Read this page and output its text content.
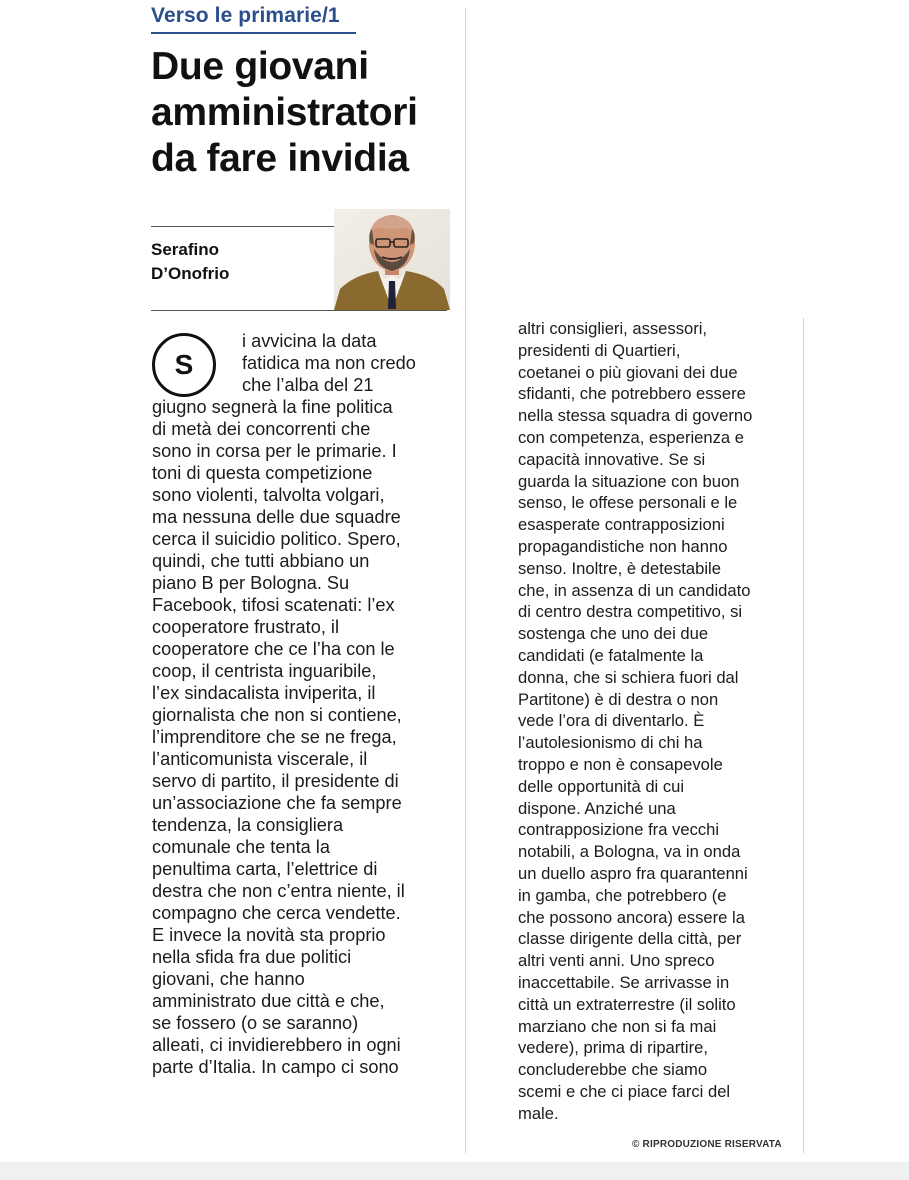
Verso le primarie/1
Due giovani
amministratori
da fare invidia
Serafino
D’Onofrio
S
i avvicina la data
fatidica ma non credo
che l’alba del 21
giugno segnerà la fine politica
di metà dei concorrenti che
sono in corsa per le primarie. I
toni di questa competizione
sono violenti, talvolta volgari,
ma nessuna delle due squadre
cerca il suicidio politico. Spero,
quindi, che tutti abbiano un
piano B per Bologna. Su
Facebook, tifosi scatenati: l’ex
cooperatore frustrato, il
cooperatore che ce l’ha con le
coop, il centrista inguaribile,
l’ex sindacalista inviperita, il
giornalista che non si contiene,
l’imprenditore che se ne frega,
l’anticomunista viscerale, il
servo di partito, il presidente di
un’associazione che fa sempre
tendenza, la consigliera
comunale che tenta la
penultima carta, l’elettrice di
destra che non c’entra niente, il
compagno che cerca vendette.
E invece la novità sta proprio
nella sfida fra due politici
giovani, che hanno
amministrato due città e che,
se fossero (o se saranno)
alleati, ci invidierebbero in ogni
parte d’Italia. In campo ci sono
altri consiglieri, assessori,
presidenti di Quartieri,
coetanei o più giovani dei due
sfidanti, che potrebbero essere
nella stessa squadra di governo
con competenza, esperienza e
capacità innovative. Se si
guarda la situazione con buon
senso, le offese personali e le
esasperate contrapposizioni
propagandistiche non hanno
senso. Inoltre, è detestabile
che, in assenza di un candidato
di centro destra competitivo, si
sostenga che uno dei due
candidati (e fatalmente la
donna, che si schiera fuori dal
Partitone) è di destra o non
vede l’ora di diventarlo. È
l’autolesionismo di chi ha
troppo e non è consapevole
delle opportunità di cui
dispone. Anziché una
contrapposizione fra vecchi
notabili, a Bologna, va in onda
un duello aspro fra quarantenni
in gamba, che potrebbero (e
che possono ancora) essere la
classe dirigente della città, per
altri venti anni. Uno spreco
inaccettabile. Se arrivasse in
città un extraterrestre (il solito
marziano che non si fa mai
vedere), prima di ripartire,
concluderebbe che siamo
scemi e che ci piace farci del
male.
© RIPRODUZIONE RISERVATA
